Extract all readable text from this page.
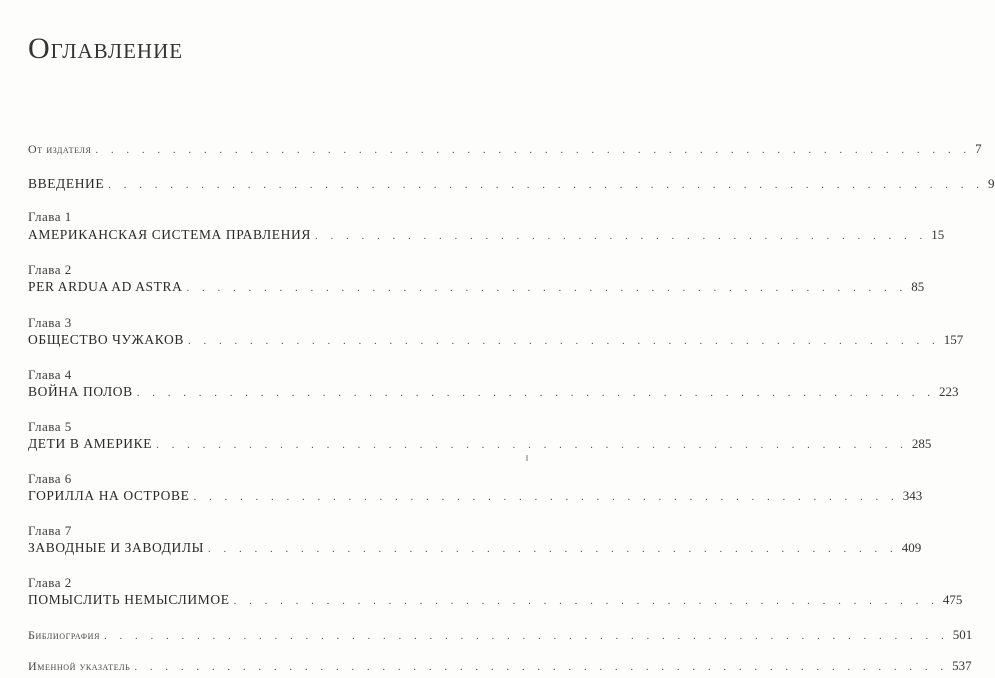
Оглавление
От издателя . . . . . . . . . . . . . . . . . . . . . . . . . . . . . . . . . . . . . . . . . . . . . . . . . . . . . . . . . 7
ВВЕДЕНИЕ . . . . . . . . . . . . . . . . . . . . . . . . . . . . . . . . . . . . . . . . . . . . . . . . . . . . . . . . . 9
Глава 1
АМЕРИКАНСКАЯ СИСТЕМА ПРАВЛЕНИЯ . . . . . . . . . . . . . . . . . . . . . . . . . . . . . . . . . . . . . . . . 15
Глава 2
PER ARDUA AD ASTRA . . . . . . . . . . . . . . . . . . . . . . . . . . . . . . . . . . . . . . . . . . . . . . . 85
Глава 3
ОБЩЕСТВО ЧУЖАКОВ . . . . . . . . . . . . . . . . . . . . . . . . . . . . . . . . . . . . . . . . . . . . . . . . . 157
Глава 4
ВОЙНА ПОЛОВ . . . . . . . . . . . . . . . . . . . . . . . . . . . . . . . . . . . . . . . . . . . . . . . . . . . . 223
Глава 5
ДЕТИ В АМЕРИКЕ . . . . . . . . . . . . . . . . . . . . . . . . . . . . . . . . . . . . . . . . . . . . . . . . . 285
Глава 6
ГОРИЛЛА НА ОСТРОВЕ . . . . . . . . . . . . . . . . . . . . . . . . . . . . . . . . . . . . . . . . . . . . . . 343
Глава 7
ЗАВОДНЫЕ И ЗАВОДИЛЫ . . . . . . . . . . . . . . . . . . . . . . . . . . . . . . . . . . . . . . . . . . . . . 409
Глава 2
ПОМЫСЛИТЬ НЕМЫСЛИМОЕ . . . . . . . . . . . . . . . . . . . . . . . . . . . . . . . . . . . . . . . . . . . . . . 475
Библиография . . . . . . . . . . . . . . . . . . . . . . . . . . . . . . . . . . . . . . . . . . . . . . . . . . . . . . . 501
Именной указатель . . . . . . . . . . . . . . . . . . . . . . . . . . . . . . . . . . . . . . . . . . . . . . . . . . . . . 537
